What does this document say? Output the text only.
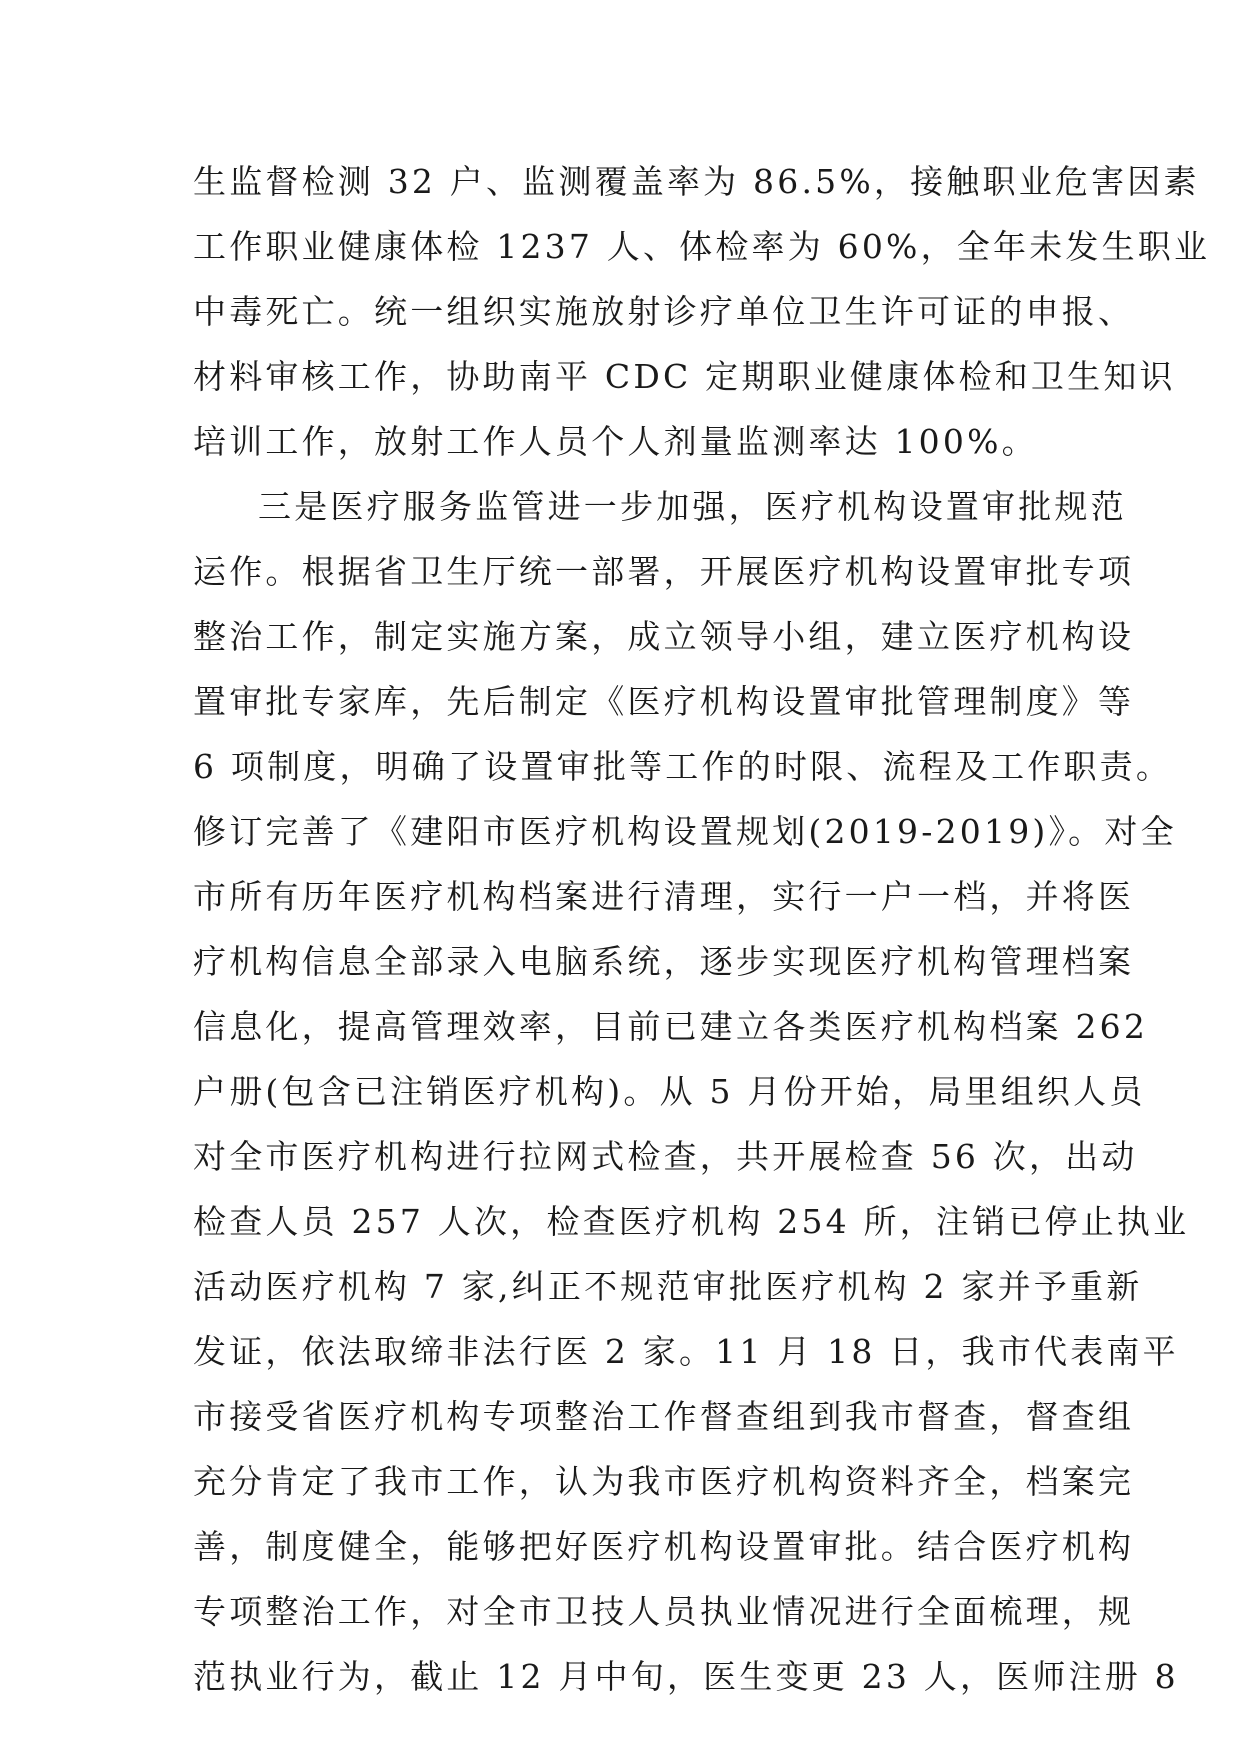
生监督检测 32 户、监测覆盖率为 86.5%，接触职业危害因素
工作职业健康体检 1237 人、体检率为 60%，全年未发生职业
中毒死亡。统一组织实施放射诊疗单位卫生许可证的申报、
材料审核工作，协助南平 CDC 定期职业健康体检和卫生知识
培训工作，放射工作人员个人剂量监测率达 100%。
三是医疗服务监管进一步加强，医疗机构设置审批规范
运作。根据省卫生厅统一部署，开展医疗机构设置审批专项
整治工作，制定实施方案，成立领导小组，建立医疗机构设
置审批专家库，先后制定《医疗机构设置审批管理制度》等
6 项制度，明确了设置审批等工作的时限、流程及工作职责。
修订完善了《建阳市医疗机构设置规划(2019-2019)》。对全
市所有历年医疗机构档案进行清理，实行一户一档，并将医
疗机构信息全部录入电脑系统，逐步实现医疗机构管理档案
信息化，提高管理效率，目前已建立各类医疗机构档案 262
户册(包含已注销医疗机构)。从 5 月份开始，局里组织人员
对全市医疗机构进行拉网式检查，共开展检查 56 次，出动
检查人员 257 人次，检查医疗机构 254 所，注销已停止执业
活动医疗机构 7 家,纠正不规范审批医疗机构 2 家并予重新
发证，依法取缔非法行医 2 家。11 月 18 日，我市代表南平
市接受省医疗机构专项整治工作督查组到我市督查，督查组
充分肯定了我市工作，认为我市医疗机构资料齐全，档案完
善，制度健全，能够把好医疗机构设置审批。结合医疗机构
专项整治工作，对全市卫技人员执业情况进行全面梳理，规
范执业行为，截止 12 月中旬，医生变更 23 人，医师注册 8
